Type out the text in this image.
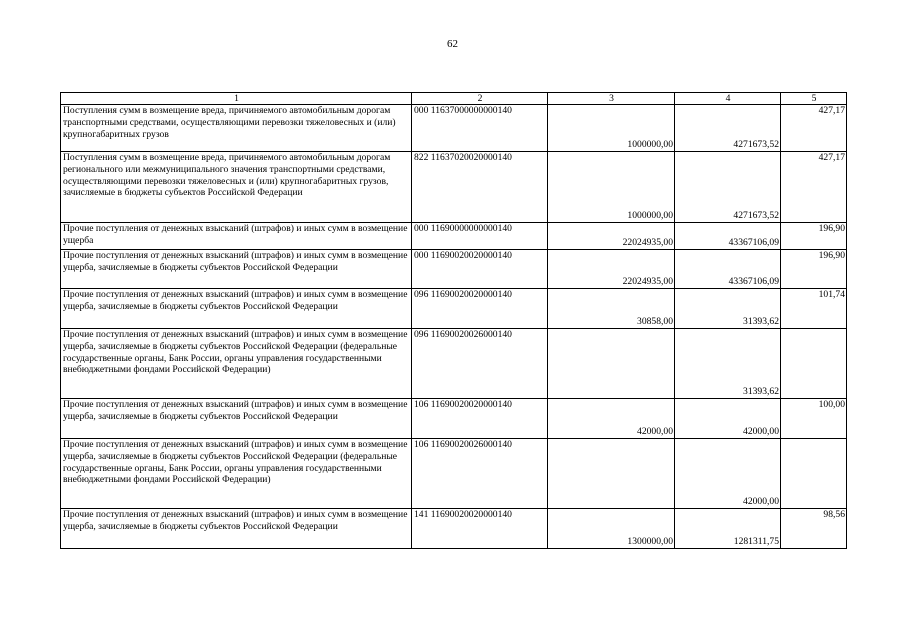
62
1	2	3	4	5
Поступления сумм в возмещение вреда, причиняемого автомобильным дорогам транспортными средствами, осуществляющими перевозки тяжеловесных и (или) крупногабаритных грузов	000 11637000000000140	1000000,00	4271673,52	427,17
Поступления сумм в возмещение вреда, причиняемого автомобильным дорогам регионального или межмуниципального значения транспортными средствами, осуществляющими перевозки тяжеловесных и (или) крупногабаритных грузов, зачисляемые в бюджеты субъектов Российской Федерации	822 11637020020000140	1000000,00	4271673,52	427,17
Прочие поступления от денежных взысканий (штрафов) и иных сумм в возмещение ущерба	000 11690000000000140	22024935,00	43367106,09	196,90
Прочие поступления от денежных взысканий (штрафов) и иных сумм в возмещение ущерба, зачисляемые в бюджеты субъектов Российской Федерации	000 11690020020000140	22024935,00	43367106,09	196,90
Прочие поступления от денежных взысканий (штрафов) и иных сумм в возмещение ущерба, зачисляемые в бюджеты субъектов Российской Федерации	096 11690020020000140	30858,00	31393,62	101,74
Прочие поступления от денежных взысканий (штрафов) и иных сумм в возмещение ущерба, зачисляемые в бюджеты субъектов Российской Федерации (федеральные государственные органы, Банк России, органы управления государственными внебюджетными фондами Российской Федерации)	096 11690020026000140		31393,62	
Прочие поступления от денежных взысканий (штрафов) и иных сумм в возмещение ущерба, зачисляемые в бюджеты субъектов Российской Федерации	106 11690020020000140	42000,00	42000,00	100,00
Прочие поступления от денежных взысканий (штрафов) и иных сумм в возмещение ущерба, зачисляемые в бюджеты субъектов Российской Федерации (федеральные государственные органы, Банк России, органы управления государственными внебюджетными фондами Российской Федерации)	106 11690020026000140		42000,00	
Прочие поступления от денежных взысканий (штрафов) и иных сумм в возмещение ущерба, зачисляемые в бюджеты субъектов Российской Федерации	141 11690020020000140	1300000,00	1281311,75	98,56
